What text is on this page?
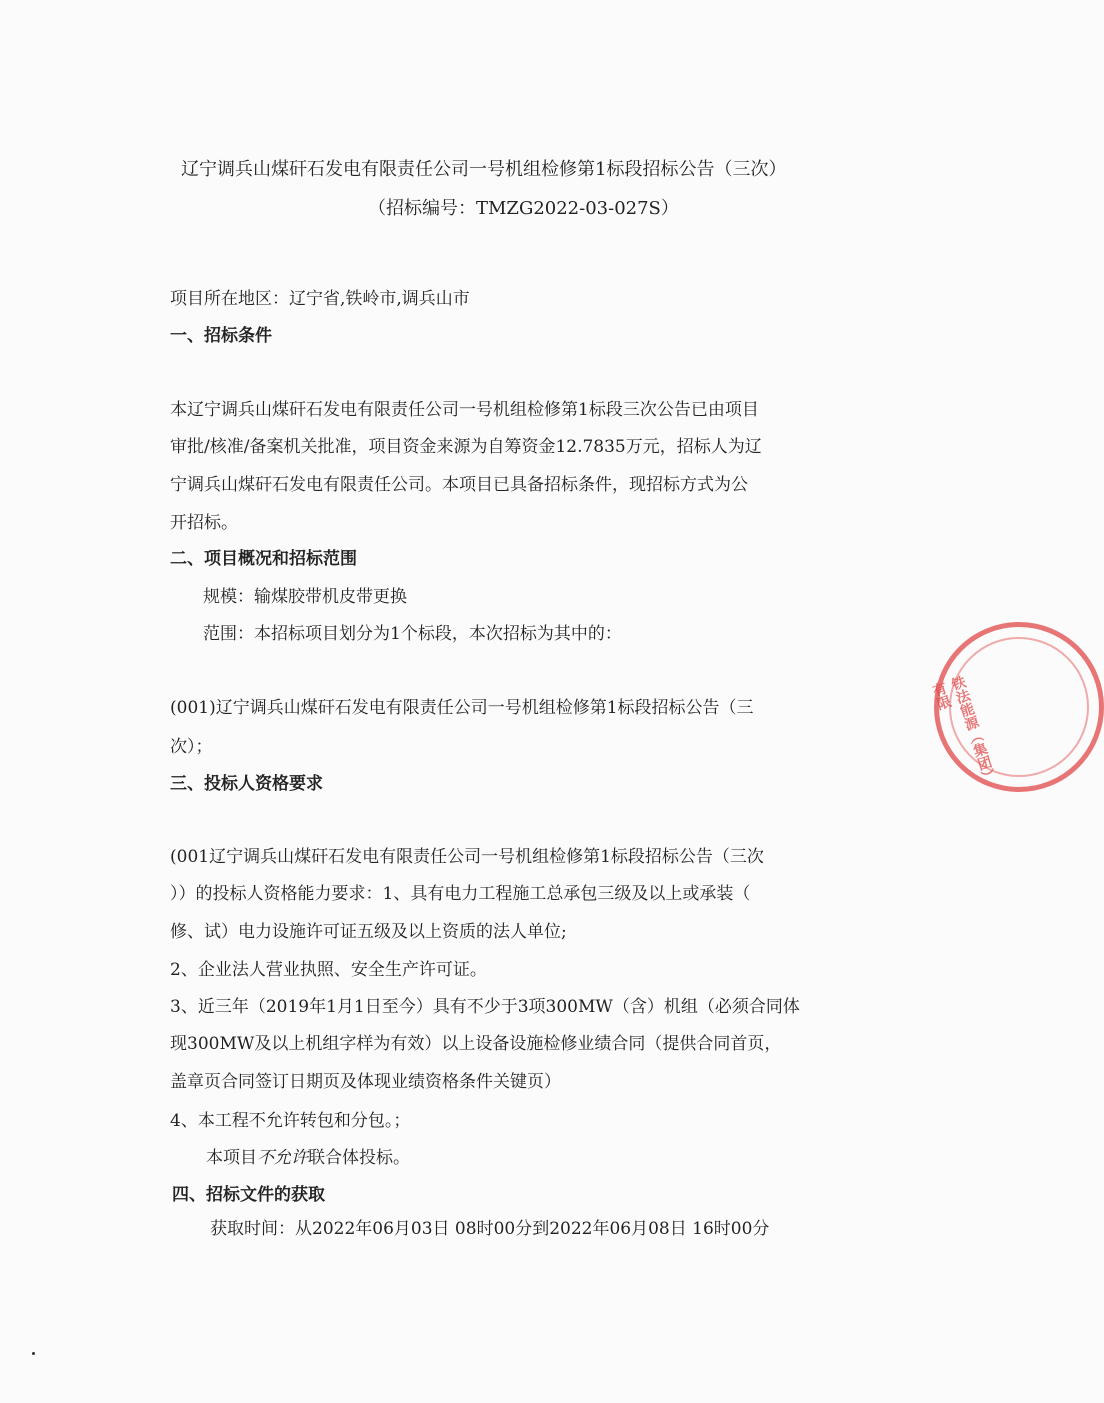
辽宁调兵山煤矸石发电有限责任公司一号机组检修第1标段招标公告（三次）
（招标编号：TMZG2022-03-027S）
项目所在地区：辽宁省,铁岭市,调兵山市
一、招标条件
本辽宁调兵山煤矸石发电有限责任公司一号机组检修第1标段三次公告已由项目
审批/核准/备案机关批准，项目资金来源为自筹资金12.7835万元，招标人为辽
宁调兵山煤矸石发电有限责任公司。本项目已具备招标条件，现招标方式为公
开招标。
二、项目概况和招标范围
规模：输煤胶带机皮带更换
范围：本招标项目划分为1个标段，本次招标为其中的：
(001)辽宁调兵山煤矸石发电有限责任公司一号机组检修第1标段招标公告（三
次）；
三、投标人资格要求
(001辽宁调兵山煤矸石发电有限责任公司一号机组检修第1标段招标公告（三次
））的投标人资格能力要求：1、具有电力工程施工总承包三级及以上或承装（
修、试）电力设施许可证五级及以上资质的法人单位;
2、企业法人营业执照、安全生产许可证。
3、近三年（2019年1月1日至今）具有不少于3项300MW（含）机组（必须合同体
现300MW及以上机组字样为有效）以上设备设施检修业绩合同（提供合同首页，
盖章页合同签订日期页及体现业绩资格条件关键页）
4、本工程不允许转包和分包。；
本项目不允许联合体投标。
四、招标文件的获取
获取时间：从2022年06月03日 08时00分到2022年06月08日 16时00分
铁法能源（集团）有限
